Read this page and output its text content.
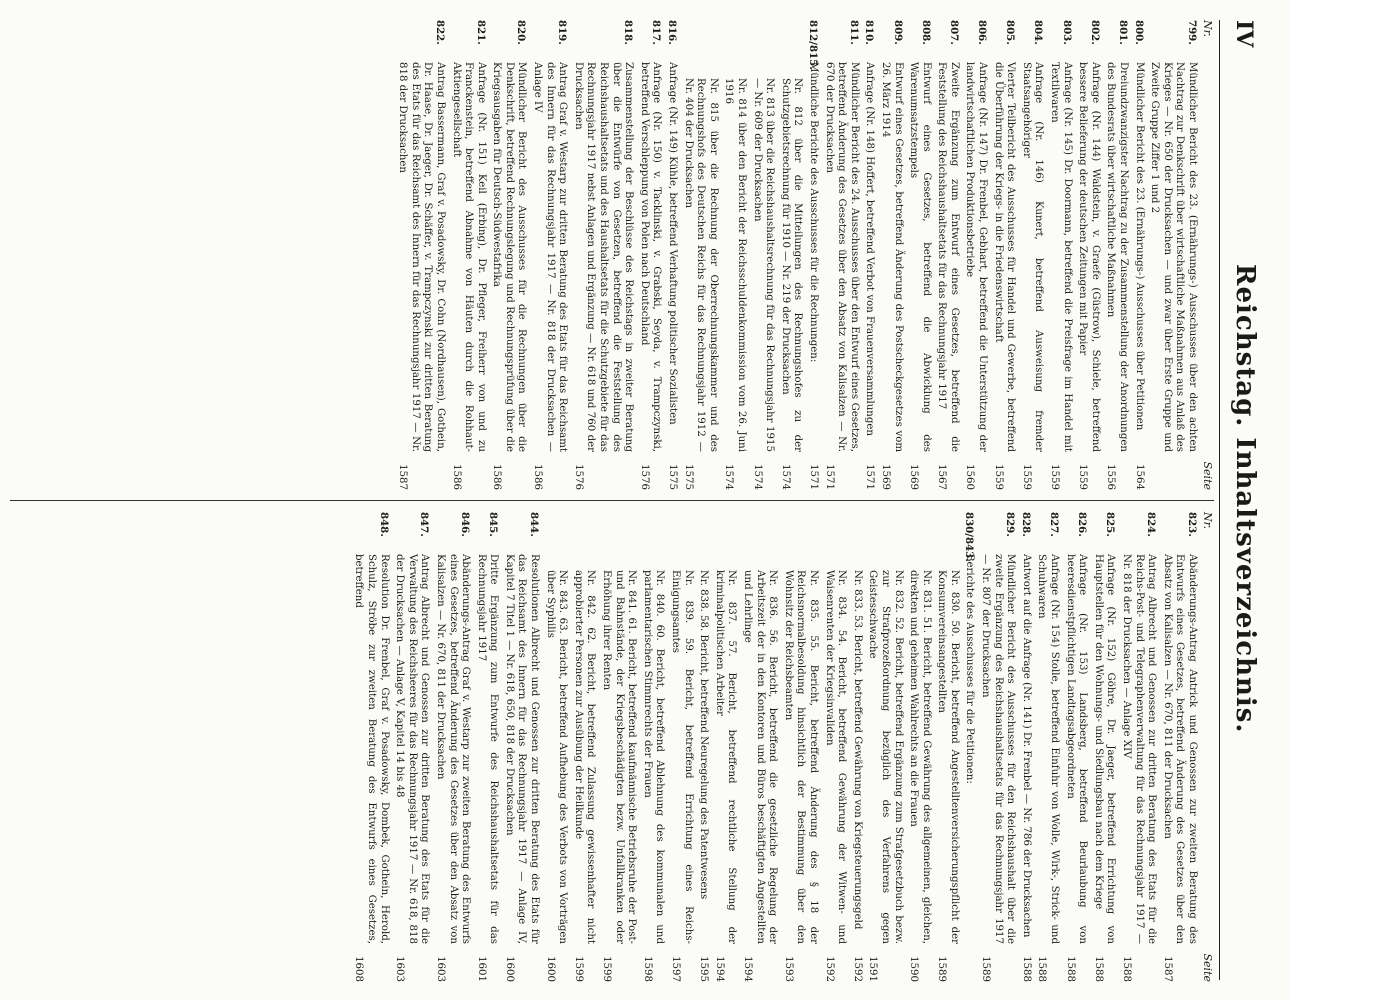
IV
Reichstag. Inhaltsverzeichnis.
Nr.
Seite
Nr.
Seite
799.
Mündlicher Bericht des 23. (Ernährungs-) Ausschusses über den achten Nachtrag zur Denkschrift über wirtschaftliche Maßnahmen aus Anlaß des Krieges — Nr. 650 der Drucksachen — und zwar über Erste Gruppe und Zweite Gruppe Ziffer 1 und 2
800.
Mündlicher Bericht des 23. (Ernährungs-) Ausschusses über Petitionen
1564
801.
Dreiundzwanzigster Nachtrag zu der Zusammenstellung der Anordnungen des Bundesrats über wirtschaftliche Maßnahmen
1556
802.
Anfrage (Nr. 144) Waldstein, v. Graefe (Güstrow), Schiele, betreffend bessere Belieferung der deutschen Zeitungen mit Papier
1559
803.
Anfrage (Nr. 145) Dr. Doormann, betreffend die Preisfrage im Handel mit Textilwaren
1559
804.
Anfrage (Nr. 146) Kunert, betreffend Ausweisung fremder Staatsangehöriger
1559
805.
Vierter Teilbericht des Ausschusses für Handel und Gewerbe, betreffend die Überführung der Kriegs- in die Friedenswirtschaft
1559
806.
Anfrage (Nr. 147) Dr. Frenbel, Gebhart, betreffend die Unterstützung der landwirtschaftlichen Produktionsbetriebe
1560
807.
Zweite Ergänzung zum Entwurf eines Gesetzes, betreffend die Feststellung des Reichshaushaltsetats für das Rechnungsjahr 1917
1567
808.
Entwurf eines Gesetzes, betreffend die Abwicklung des Warenumsatzstempels
1569
809.
Entwurf eines Gesetzes, betreffend Änderung des Postscheckgesetzes vom 26. März 1914
1569
810.
Anfrage (Nr. 148) Hoffert, betreffend Verbot von Frauenversammlungen
1571
811.
Mündlicher Bericht des 24. Ausschusses über den Entwurf eines Gesetzes, betreffend Änderung des Gesetzes über den Absatz von Kalisalzen — Nr. 670 der Drucksachen
1571
812/815.
Mündliche Berichte des Ausschusses für die Rechnungen:
1571
Nr. 812 über die Mitteilungen des Rechnungshofes zu der Schutzgebietsrechnung für 1910 — Nr. 219 der Drucksachen
1574
Nr. 813 über die Reichshaushaltsrechnung für das Rechnungsjahr 1915 — Nr. 609 der Drucksachen
1574
Nr. 814 über den Bericht der Reichsschuldenkommission vom 26. Juni 1916
1574
Nr. 815 über die Rechnung der Oberrechnungskammer und des Rechnungshofs des Deutschen Reichs für das Rechnungsjahr 1912 — Nr. 404 der Drucksachen
1575
816.
Anfrage (Nr. 149) Kühle, betreffend Verhaftung politischer Sozialisten
1575
817.
Anfrage (Nr. 150) v. Tacklinski, v. Grabski, Seyda, v. Trampczynski, betreffend Verschleppung von Polen nach Deutschland
1576
818.
Zusammenstellung der Beschlüsse des Reichstags in zweiter Beratung über die Entwürfe von Gesetzen, betreffend die Feststellung des Reichshaushaltsetats und des Haushaltsetats für die Schutzgebiete für das Rechnungsjahr 1917 nebst Anlagen und Ergänzung — Nr. 618 und 760 der Drucksachen
1576
819.
Antrag Graf v. Westarp zur dritten Beratung des Etats für das Reichsamt des Innern für das Rechnungsjahr 1917 — Nr. 818 der Drucksachen — Anlage IV
1586
820.
Mündlicher Bericht des Ausschusses für die Rechnungen über die Denkschrift, betreffend Rechnungslegung und Rechnungsprüfung über die Kriegsausgaben für Deutsch-Südwestafrika
1586
821.
Anfrage (Nr. 151) Keil (Erbing), Dr. Pfleger, Freiherr von und zu Franckenstein, betreffend Abnahme von Häuten durch die Rohhaut-Aktiengesellschaft
1586
822.
Antrag Bassermann, Graf v. Posadowsky, Dr. Cohn (Nordhausen), Gothein, Dr. Haase, Dr. Jaeger, Dr. Schäffer, v. Trampczynski zur dritten Beratung des Etats für das Reichsamt des Innern für das Rechnungsjahr 1917 — Nr. 818 der Drucksachen
1587
823.
Abänderungs-Antrag Antrick und Genossen zur zweiten Beratung des Entwurfs eines Gesetzes, betreffend Änderung des Gesetzes über den Absatz von Kalisalzen — Nr. 670, 811 der Drucksachen
1587
824.
Antrag Albrecht und Genossen zur dritten Beratung des Etats für die Reichs-Post- und Telegraphenverwaltung für das Rechnungsjahr 1917 — Nr. 818 der Drucksachen — Anlage XIV
1588
825.
Anfrage (Nr. 152) Göhre, Dr. Jaeger, betreffend Errichtung von Hauptstellen für den Wohnungs- und Siedlungsbau nach dem Kriege
1588
826.
Anfrage (Nr. 153) Landsberg, betreffend Beurlaubung von heeresdienstpflichtigen Landtagsabgeordneten
1588
827.
Anfrage (Nr. 154) Stolle, betreffend Einfuhr von Wolle, Wirk-, Strick- und Schuhwaren
1588
828.
Antwort auf die Anfrage (Nr. 141) Dr. Frenbel — Nr. 786 der Drucksachen
1588
829.
Mündlicher Bericht des Ausschusses für den Reichshaushalt über die zweite Ergänzung des Reichshaushaltsetats für das Rechnungsjahr 1917 — Nr. 807 der Drucksachen
1589
830/843.
Berichte des Ausschusses für die Petitionen:
Nr. 830. 50. Bericht, betreffend Angestelltenversicherungspflicht der Konsumvereinsangestellten
1589
Nr. 831. 51. Bericht, betreffend Gewährung des allgemeinen, gleichen, direkten und geheimen Wahlrechts an die Frauen
1590
Nr. 832. 52. Bericht, betreffend Ergänzung zum Strafgesetzbuch bezw. zur Strafprozeßordnung bezüglich des Verfahrens gegen Geistesschwache
1591
Nr. 833. 53. Bericht, betreffend Gewährung von Kriegsteuerungsgeld
1592
Nr. 834. 54. Bericht, betreffend Gewährung der Witwen- und Waisenrenten der Kriegsinvaliden
1592
Nr. 835. 55. Bericht, betreffend Änderung des § 18 der Reichsnormalbesoldung hinsichtlich der Bestimmung über den Wohnsitz der Reichsbeamten
1593
Nr. 836. 56. Bericht, betreffend die gesetzliche Regelung der Arbeitszeit der in den Kontoren und Büros beschäftigten Angestellten und Lehrlinge
1594
Nr. 837. 57. Bericht, betreffend rechtliche Stellung der kriminalpolitischen Arbeiter
1594
Nr. 838. 58. Bericht, betreffend Neuregelung des Patentwesens
1595
Nr. 839. 59. Bericht, betreffend Errichtung eines Reichs-Einigungsamtes
1597
Nr. 840. 60. Bericht, betreffend Ablehnung des kommunalen und parlamentarischen Stimmrechts der Frauen
1598
Nr. 841. 61. Bericht, betreffend kaufmännische Betriebsruhe der Post- und Bahnstände, der Kriegsbeschädigten bezw. Unfallkranken oder Erhöhung ihrer Renten
1599
Nr. 842. 62. Bericht, betreffend Zulassung gewissenhafter nicht approbierter Personen zur Ausübung der Heilkunde
1599
Nr. 843. 63. Bericht, betreffend Aufhebung des Verbots von Vorträgen über Syphilis
1600
844.
Resolutionen Albrecht und Genossen zur dritten Beratung des Etats für das Reichsamt des Innern für das Rechnungsjahr 1917 — Anlage IV, Kapitel 7 Titel 1 — Nr. 618, 650, 818 der Drucksachen
1600
845.
Dritte Ergänzung zum Entwurfe des Reichshaushaltsetats für das Rechnungsjahr 1917
1601
846.
Abänderungs-Antrag Graf v. Westarp zur zweiten Beratung des Entwurfs eines Gesetzes, betreffend Änderung des Gesetzes über den Absatz von Kalisalzen — Nr. 670, 811 der Drucksachen
1603
847.
Antrag Albrecht und Genossen zur dritten Beratung des Etats für die Verwaltung des Reichsheeres für das Rechnungsjahr 1917 — Nr. 618, 818 der Drucksachen — Anlage V, Kapitel 14 bis 48
1603
848.
Resolution Dr. Frenbel, Graf v. Posadowsky, Dombek, Gothein, Herold, Schulz, Ströbe zur zweiten Beratung des Entwurfs eines Gesetzes, betreffend
1608
